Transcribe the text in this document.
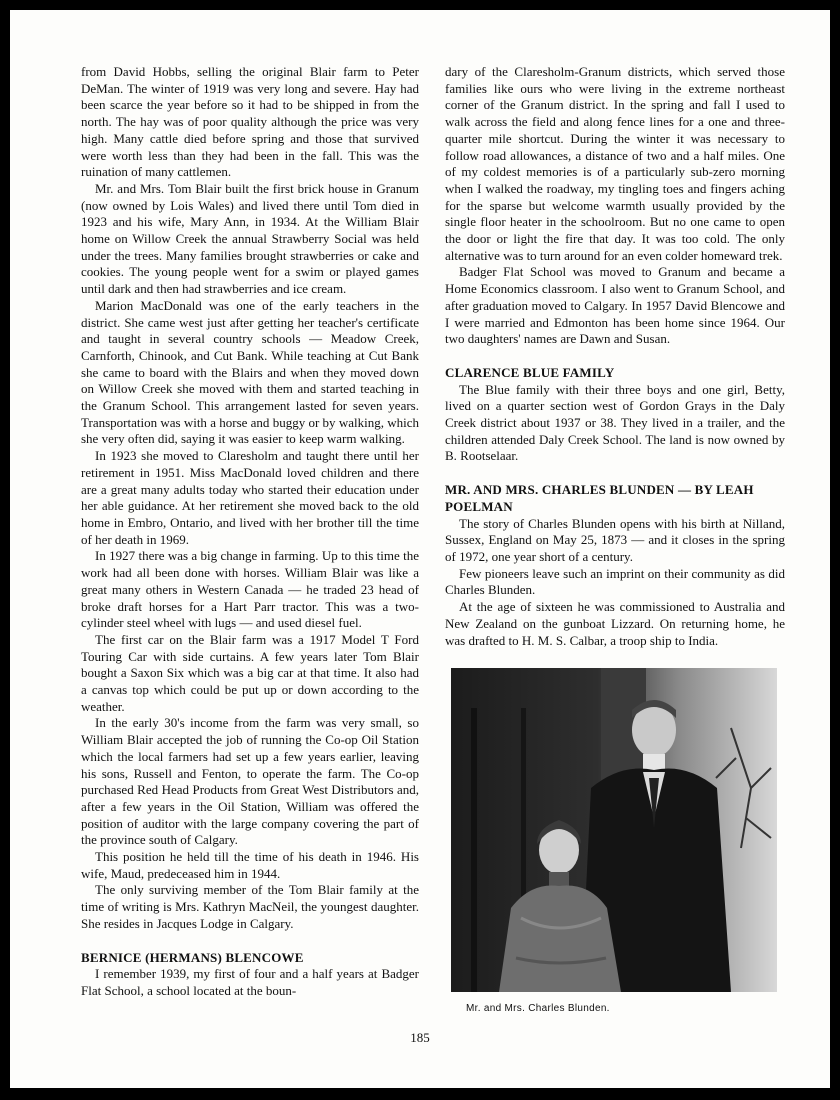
from David Hobbs, selling the original Blair farm to Peter DeMan. The winter of 1919 was very long and severe. Hay had been scarce the year before so it had to be shipped in from the north. The hay was of poor quality although the price was very high. Many cattle died before spring and those that survived were worth less than they had been in the fall. This was the ruination of many cattlemen.

Mr. and Mrs. Tom Blair built the first brick house in Granum (now owned by Lois Wales) and lived there until Tom died in 1923 and his wife, Mary Ann, in 1934. At the William Blair home on Willow Creek the annual Strawberry Social was held under the trees. Many families brought strawberries or cake and cookies. The young people went for a swim or played games until dark and then had strawberries and ice cream.

Marion MacDonald was one of the early teachers in the district. She came west just after getting her teacher's certificate and taught in several country schools — Meadow Creek, Carnforth, Chinook, and Cut Bank. While teaching at Cut Bank she came to board with the Blairs and when they moved down on Willow Creek she moved with them and started teaching in the Granum School. This arrangement lasted for seven years. Transportation was with a horse and buggy or by walking, which she very often did, saying it was easier to keep warm walking.

In 1923 she moved to Claresholm and taught there until her retirement in 1951. Miss MacDonald loved children and there are a great many adults today who started their education under her able guidance. At her retirement she moved back to the old home in Embro, Ontario, and lived with her brother till the time of her death in 1969.

In 1927 there was a big change in farming. Up to this time the work had all been done with horses. William Blair was like a great many others in Western Canada — he traded 23 head of broke draft horses for a Hart Parr tractor. This was a two-cylinder steel wheel with lugs — and used diesel fuel.

The first car on the Blair farm was a 1917 Model T Ford Touring Car with side curtains. A few years later Tom Blair bought a Saxon Six which was a big car at that time. It also had a canvas top which could be put up or down according to the weather.

In the early 30's income from the farm was very small, so William Blair accepted the job of running the Co-op Oil Station which the local farmers had set up a few years earlier, leaving his sons, Russell and Fenton, to operate the farm. The Co-op purchased Red Head Products from Great West Distributors and, after a few years in the Oil Station, William was offered the position of auditor with the large company covering the part of the province south of Calgary.

This position he held till the time of his death in 1946. His wife, Maud, predeceased him in 1944.

The only surviving member of the Tom Blair family at the time of writing is Mrs. Kathryn MacNeil, the youngest daughter. She resides in Jacques Lodge in Calgary.

BERNICE (HERMANS) BLENCOWE

I remember 1939, my first of four and a half years at Badger Flat School, a school located at the boun-

dary of the Claresholm-Granum districts, which served those families like ours who were living in the extreme northeast corner of the Granum district. In the spring and fall I used to walk across the field and along fence lines for a one and three-quarter mile shortcut. During the winter it was necessary to follow road allowances, a distance of two and a half miles. One of my coldest memories is of a particularly sub-zero morning when I walked the roadway, my tingling toes and fingers aching for the sparse but welcome warmth usually provided by the single floor heater in the schoolroom. But no one came to open the door or light the fire that day. It was too cold. The only alternative was to turn around for an even colder homeward trek.

Badger Flat School was moved to Granum and became a Home Economics classroom. I also went to Granum School, and after graduation moved to Calgary. In 1957 David Blencowe and I were married and Edmonton has been home since 1964. Our two daughters' names are Dawn and Susan.

CLARENCE BLUE FAMILY

The Blue family with their three boys and one girl, Betty, lived on a quarter section west of Gordon Grays in the Daly Creek district about 1937 or 38. They lived in a trailer, and the children attended Daly Creek School. The land is now owned by B. Rootselaar.

MR. AND MRS. CHARLES BLUNDEN — BY LEAH POELMAN

The story of Charles Blunden opens with his birth at Nilland, Sussex, England on May 25, 1873 — and it closes in the spring of 1972, one year short of a century.

Few pioneers leave such an imprint on their community as did Charles Blunden.

At the age of sixteen he was commissioned to Australia and New Zealand on the gunboat Lizzard. On returning home, he was drafted to H. M. S. Calbar, a troop ship to India.

Mr. and Mrs. Charles Blunden.
185
